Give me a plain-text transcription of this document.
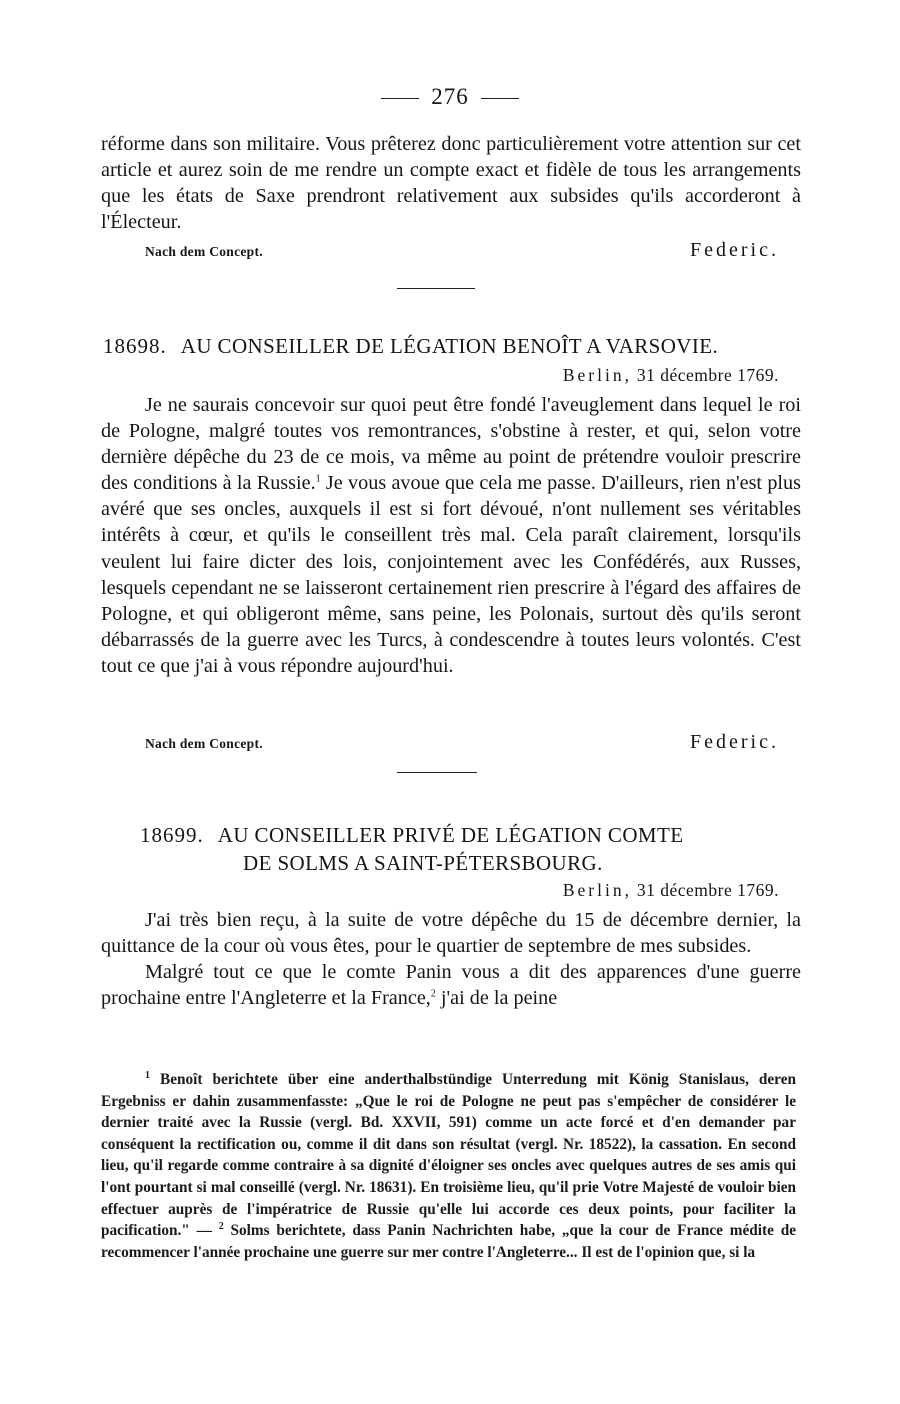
276

réforme dans son militaire. Vous prêterez donc particulièrement votre attention sur cet article et aurez soin de me rendre un compte exact et fidèle de tous les arrangements que les états de Saxe prendront relativement aux subsides qu'ils accorderont à l'Électeur.

Nach dem Concept.	Federic.
18698. AU CONSEILLER DE LÉGATION BENOÎT A VARSOVIE.
Berlin, 31 décembre 1769.

Je ne saurais concevoir sur quoi peut être fondé l'aveuglement dans lequel le roi de Pologne, malgré toutes vos remontrances, s'obstine à rester, et qui, selon votre dernière dépêche du 23 de ce mois, va même au point de prétendre vouloir prescrire des conditions à la Russie.$^1$ Je vous avoue que cela me passe. D'ailleurs, rien n'est plus avéré que ses oncles, auxquels il est si fort dévoué, n'ont nullement ses véritables intérêts à cœur, et qu'ils le conseillent très mal. Cela paraît clairement, lorsqu'ils veulent lui faire dicter des lois, conjointement avec les Confédérés, aux Russes, lesquels cependant ne se laisseront certainement rien prescrire à l'égard des affaires de Pologne, et qui obligeront même, sans peine, les Polonais, surtout dès qu'ils seront débarrassés de la guerre avec les Turcs, à condescendre à toutes leurs volontés. C'est tout ce que j'ai à vous répondre aujourd'hui.

Nach dem Concept.	Federic.
18699. AU CONSEILLER PRIVÉ DE LÉGATION COMTE
DE SOLMS A SAINT-PÉTERSBOURG.
Berlin, 31 décembre 1769.

J'ai très bien reçu, à la suite de votre dépêche du 15 de décembre dernier, la quittance de la cour où vous êtes, pour le quartier de septembre de mes subsides.

Malgré tout ce que le comte Panin vous a dit des apparences d'une guerre prochaine entre l'Angleterre et la France,$^2$ j'ai de la peine

$^1$ Benoît berichtete über eine anderthalbstündige Unterredung mit König Stanislaus, deren Ergebniss er dahin zusammenfasste: „Que le roi de Pologne ne peut pas s'empêcher de considérer le dernier traité avec la Russie (vergl. Bd. XXVII, 591) comme un acte forcé et d'en demander par conséquent la rectification ou, comme il dit dans son résultat (vergl. Nr. 18522), la cassation. En second lieu, qu'il regarde comme contraire à sa dignité d'éloigner ses oncles avec quelques autres de ses amis qui l'ont pourtant si mal conseillé (vergl. Nr. 18631). En troisième lieu, qu'il prie Votre Majesté de vouloir bien effectuer auprès de l'impératrice de Russie qu'elle lui accorde ces deux points, pour faciliter la pacification." — $^2$ Solms berichtete, dass Panin Nachrichten habe, „que la cour de France médite de recommencer l'année prochaine une guerre sur mer contre l'Angleterre... Il est de l'opinion que, si la
